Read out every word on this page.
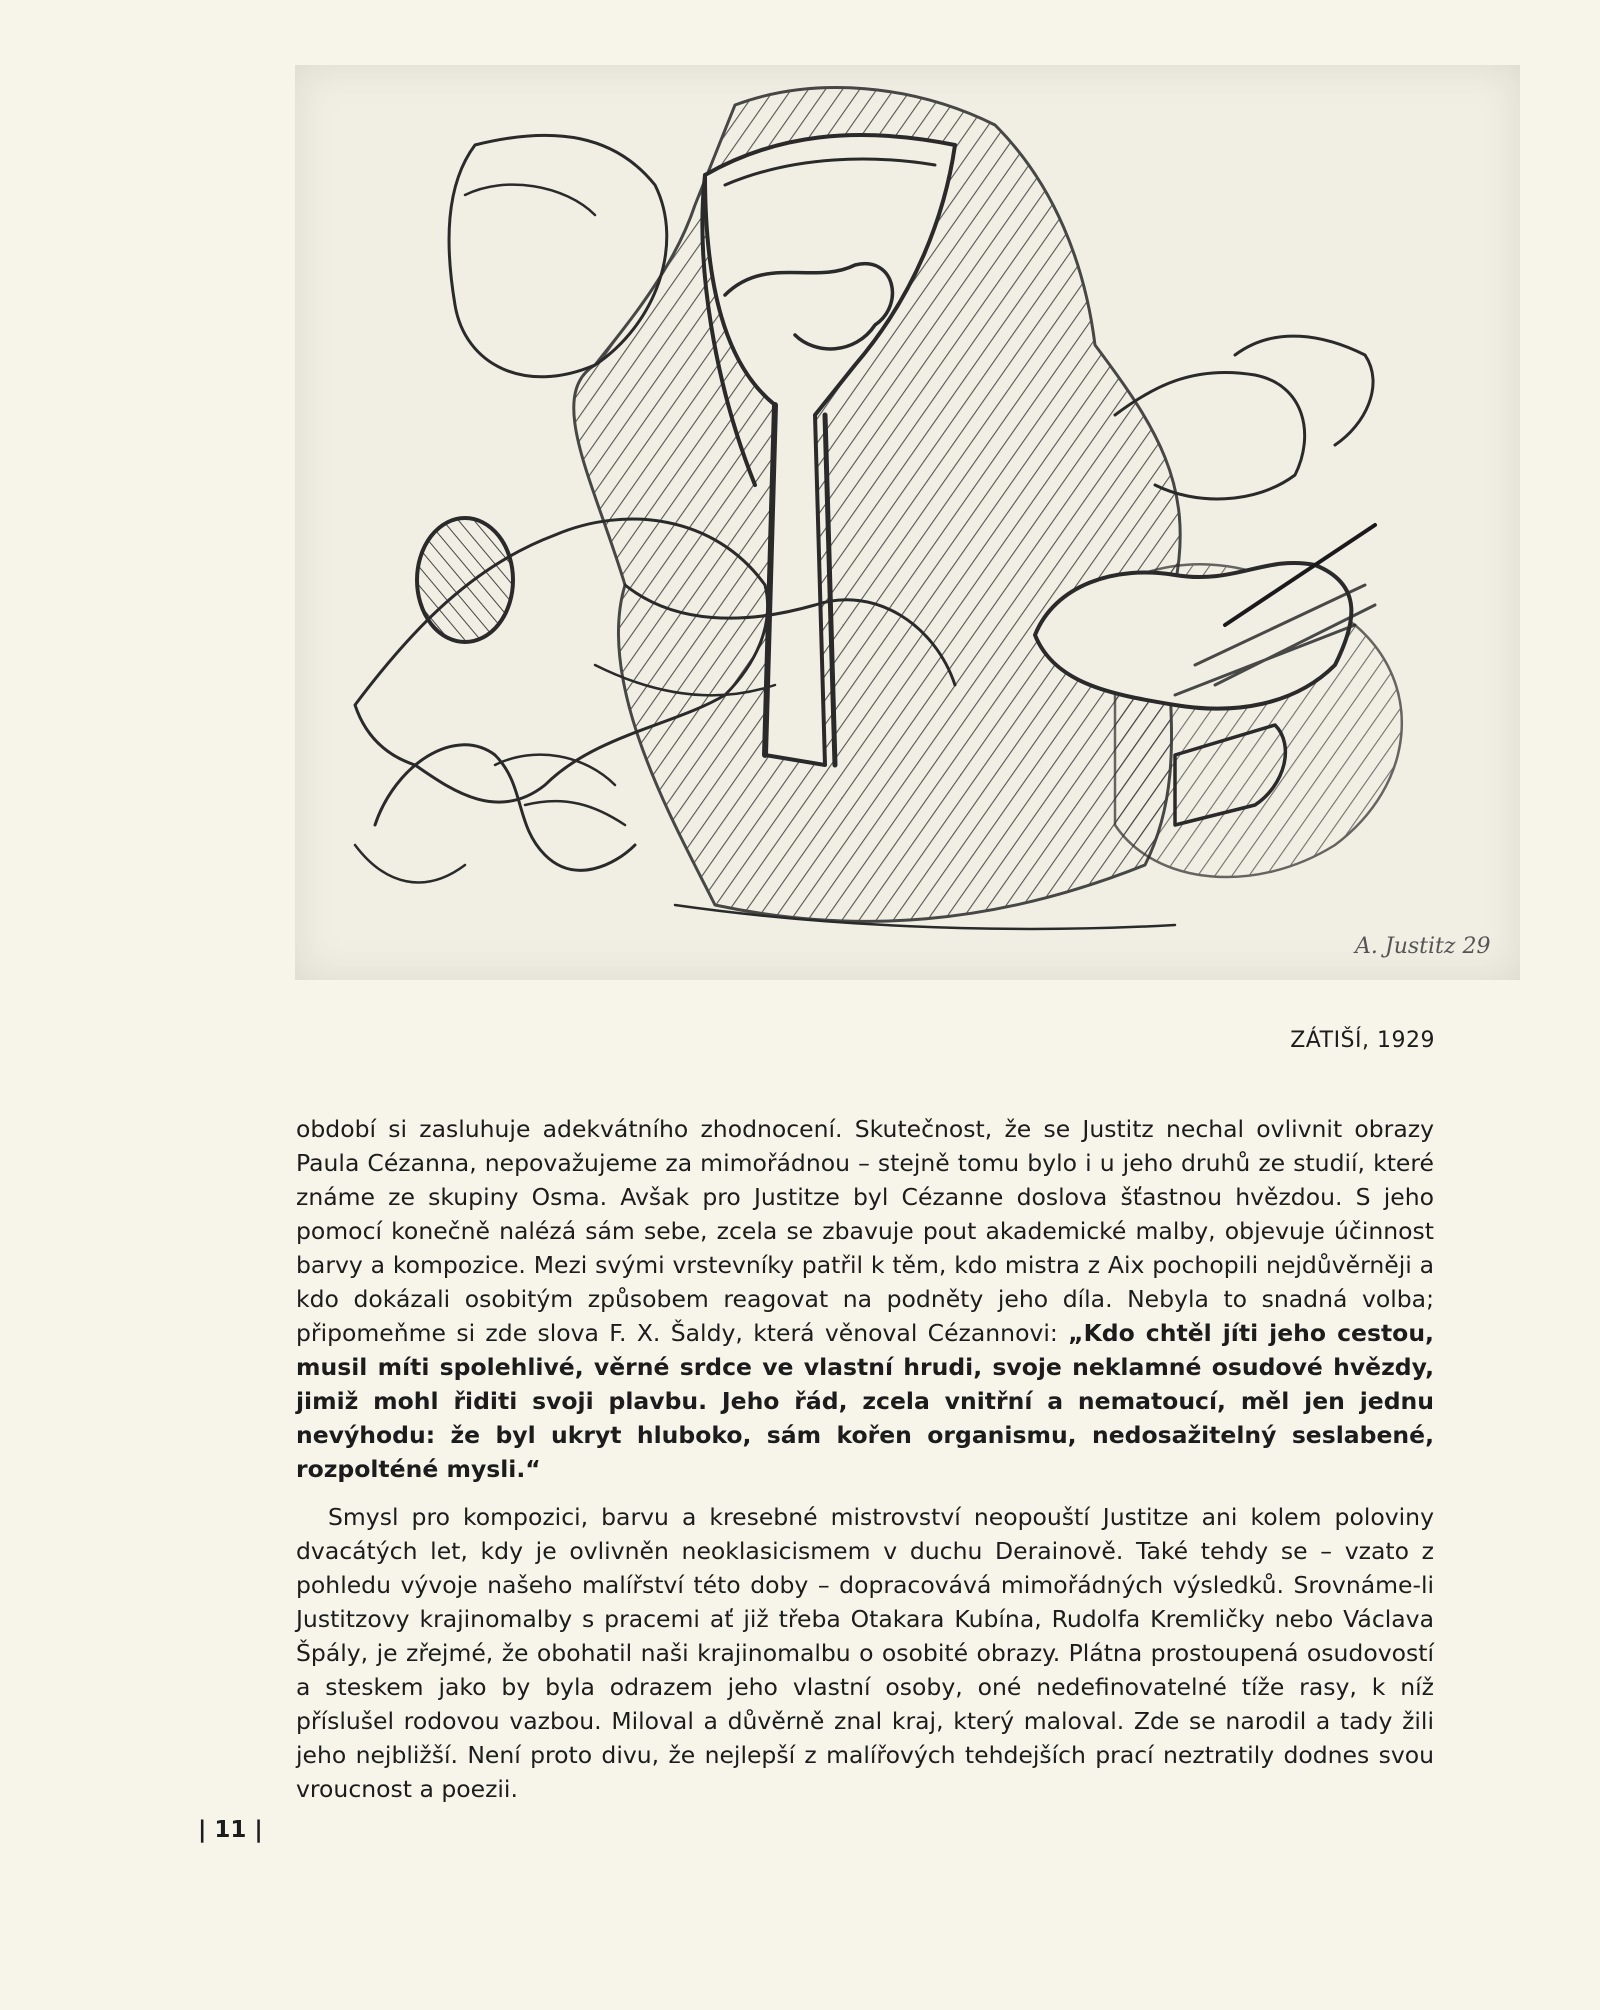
A. Justitz 29
ZÁTIŠÍ, 1929

období si zasluhuje adekvátního zhodnocení. Skutečnost, že se Justitz nechal ovlivnit obrazy Paula Cézanna, nepovažujeme za mimořádnou – stejně tomu bylo i u jeho druhů ze studií, které známe ze skupiny Osma. Avšak pro Justitze byl Cézanne doslova šťastnou hvězdou. S jeho pomocí konečně nalézá sám sebe, zcela se zbavuje pout akademické malby, objevuje účinnost barvy a kompozice. Mezi svými vrstevníky patřil k těm, kdo mistra z Aix pochopili nejdůvěrněji a kdo dokázali osobitým způsobem reagovat na podněty jeho díla. Nebyla to snadná volba; připomeňme si zde slova F. X. Šaldy, která věnoval Cézannovi: „Kdo chtěl jíti jeho cestou, musil míti spolehlivé, věrné srdce ve vlastní hrudi, svoje neklamné osudové hvězdy, jimiž mohl řiditi svoji plavbu. Jeho řád, zcela vnitřní a nematoucí, měl jen jednu nevýhodu: že byl ukryt hluboko, sám kořen organismu, nedosažitelný seslabené, rozpolténé mysli.“

Smysl pro kompozici, barvu a kresebné mistrovství neopouští Justitze ani kolem poloviny dvacátých let, kdy je ovlivněn neoklasicismem v duchu Derainově. Také tehdy se – vzato z pohledu vývoje našeho malířství této doby – dopracovává mimořádných výsledků. Srovnáme-li Justitzovy krajinomalby s pracemi ať již třeba Otakara Kubína, Rudolfa Kremličky nebo Václava Špály, je zřejmé, že obohatil naši krajinomalbu o osobité obrazy. Plátna prostoupená osudovostí a steskem jako by byla odrazem jeho vlastní osoby, oné nedefinovatelné tíže rasy, k níž příslušel rodovou vazbou. Miloval a důvěrně znal kraj, který maloval. Zde se narodil a tady žili jeho nejbližší. Není proto divu, že nejlepší z malířových tehdejších prací neztratily dodnes svou vroucnost a poezii.

| 11 |
